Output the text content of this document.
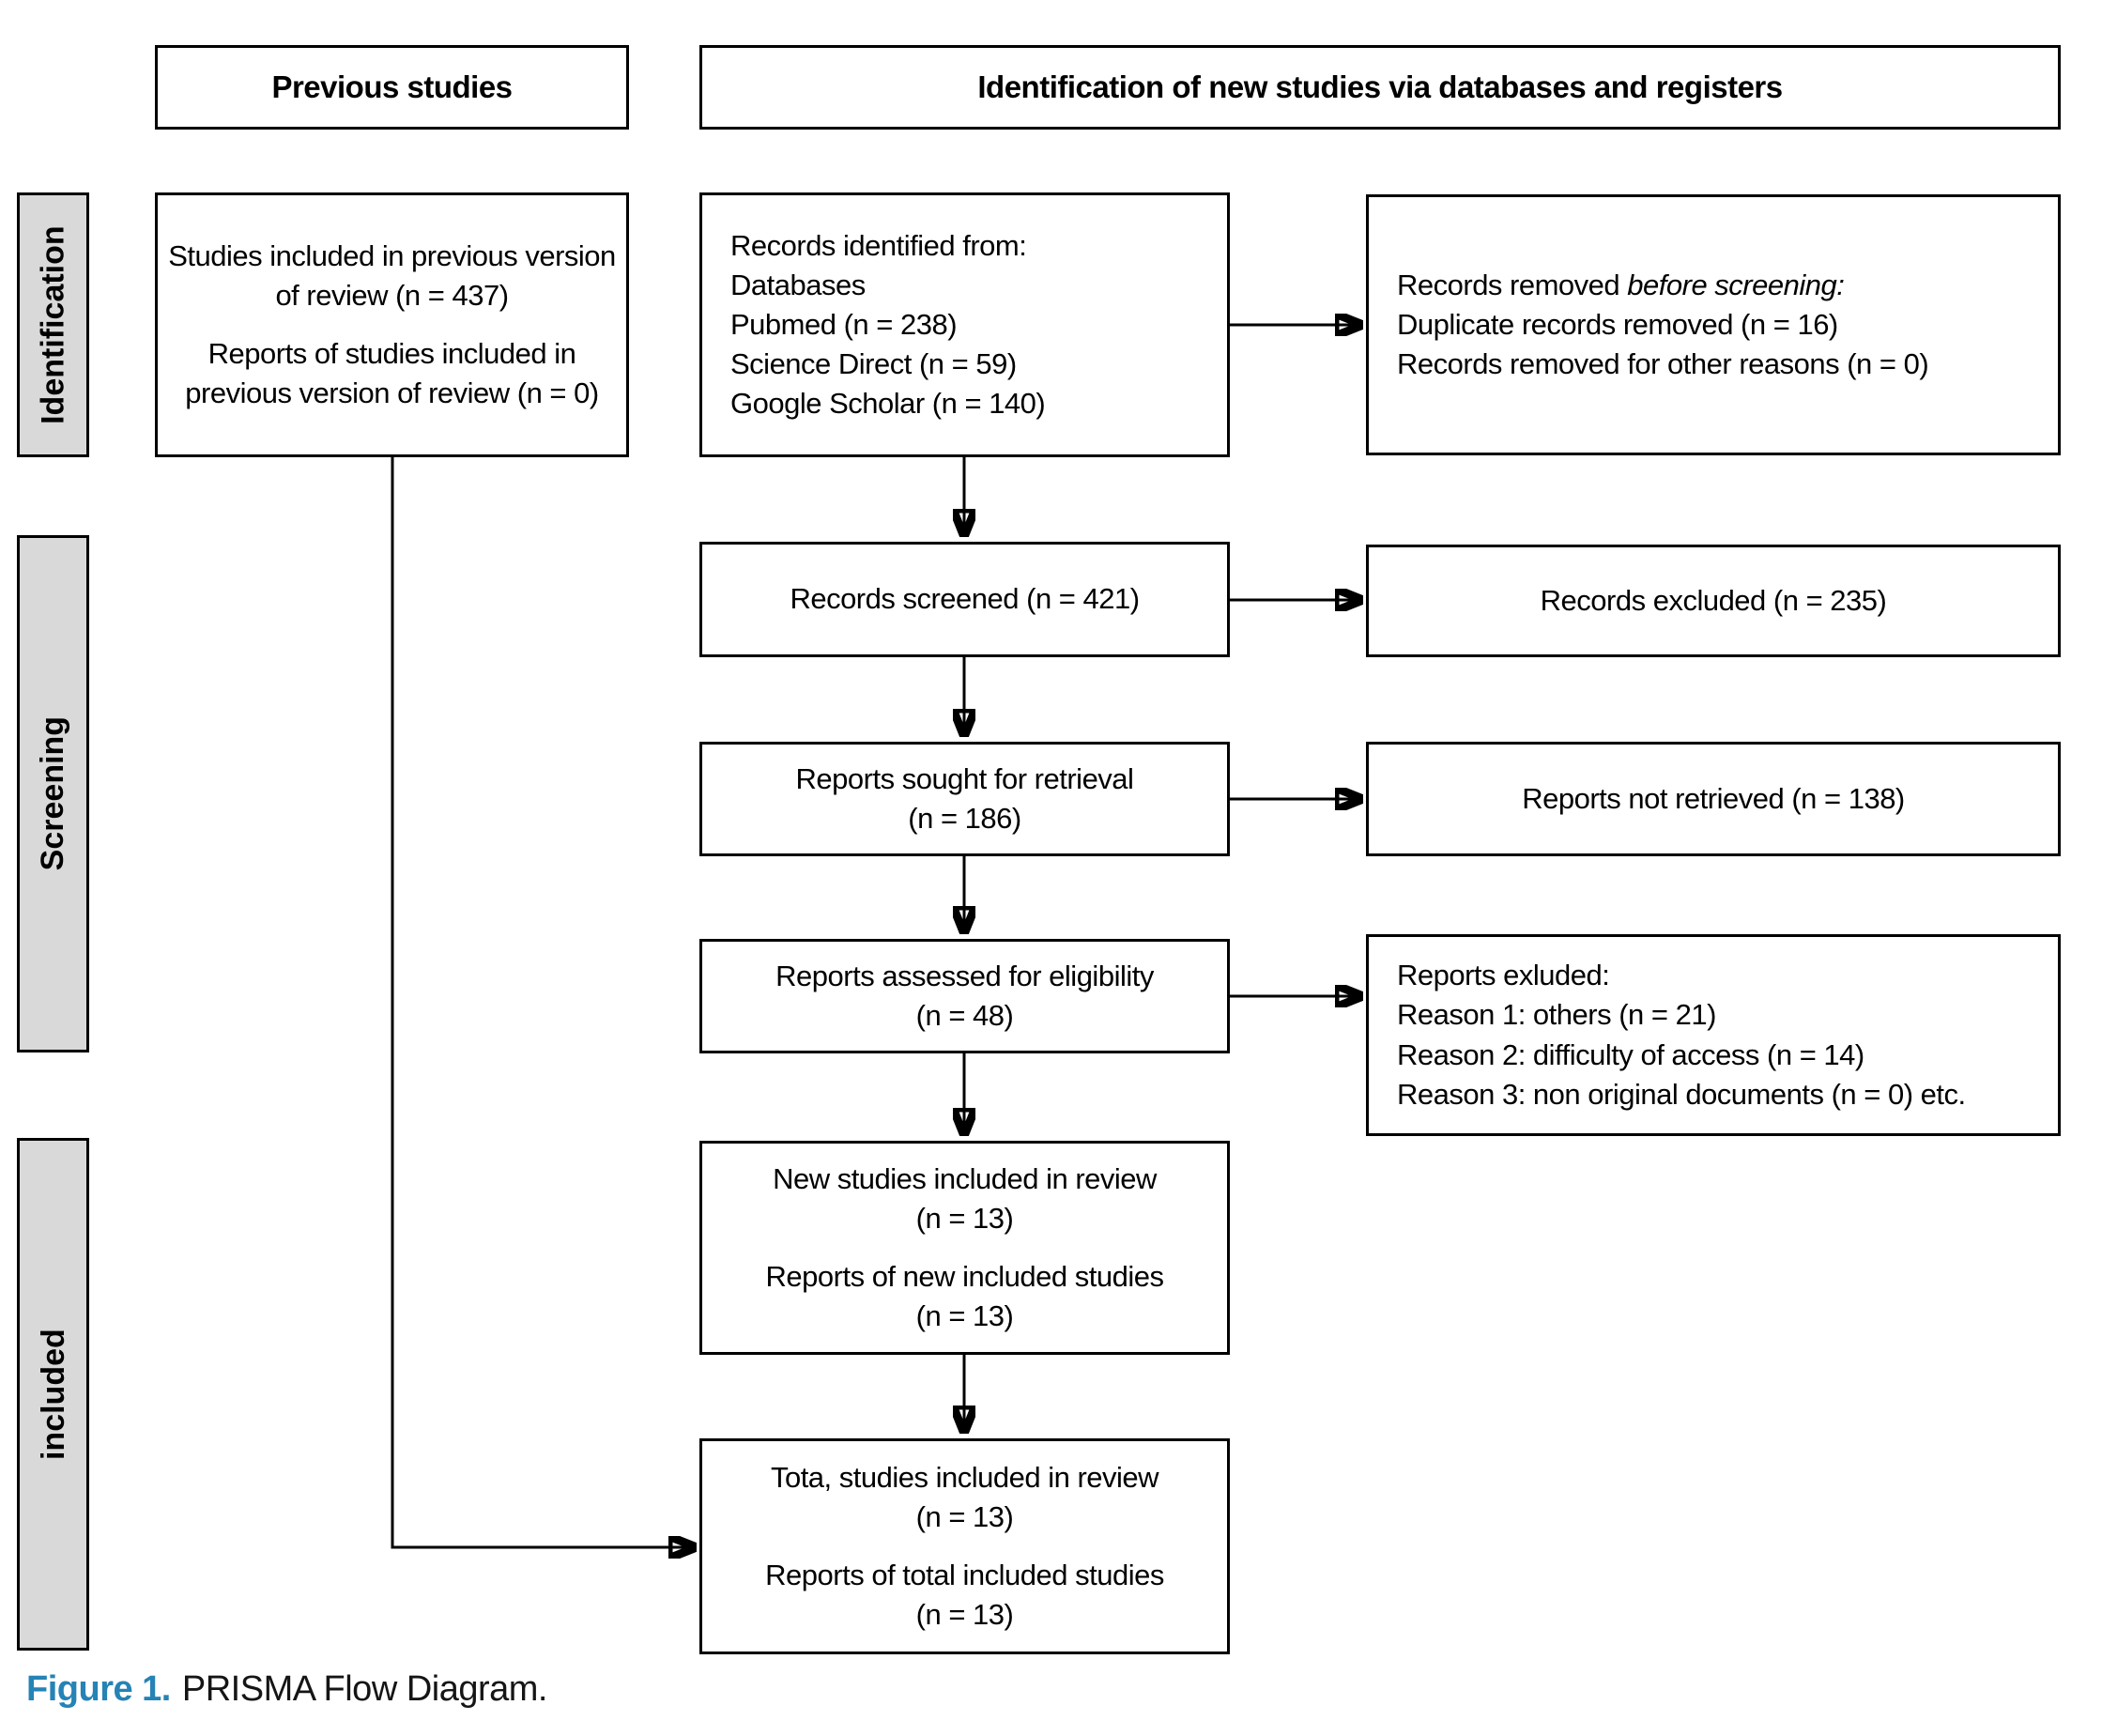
Previous studies	Identification of new studies via databases and registers
Identification
Screening
included

Studies included in previous version of review (n = 437)

Reports of studies included in previous version of review (n = 0)

Records identified from:
Databases
Pubmed (n = 238)
Science Direct (n = 59)
Google Scholar (n = 140)
Records removed before screening:
Duplicate records removed (n = 16)
Records removed for other reasons (n = 0)

Records screened (n = 421)	Records excluded (n = 235)

Reports sought for retrieval

(n = 186)

Reports not retrieved (n = 138)

Reports assessed for eligibility

(n = 48)

Reports exluded:
Reason 1: others (n = 21)
Reason 2: difficulty of access (n = 14)
Reason 3: non original documents (n = 0) etc.

New studies included in review

(n = 13)

Reports of new included studies

(n = 13)

Tota, studies included in review

(n = 13)

Reports of total included studies

(n = 13)

Figure 1. PRISMA Flow Diagram.
